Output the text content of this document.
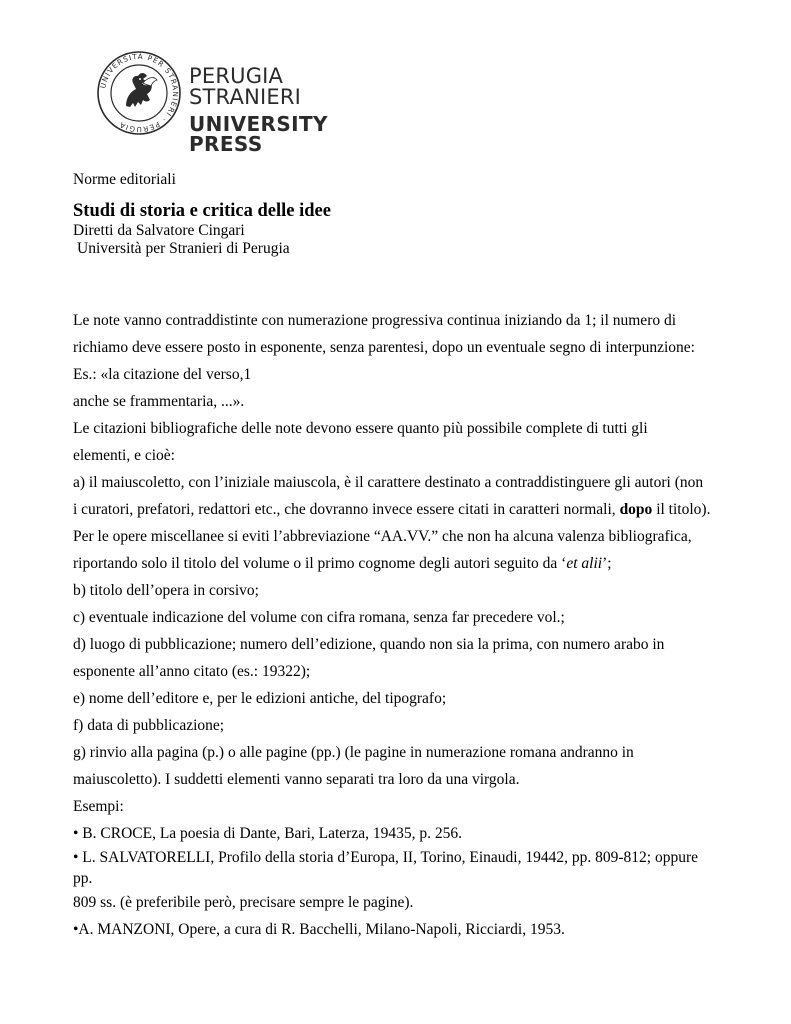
UNIVERSITÀ PER STRANIERI · PERUGIA
PERUGIA STRANIERI
UNIVERSITY PRESS
Norme editoriali
Studi di storia e critica delle idee
Diretti da Salvatore Cingari
Università per Stranieri di Perugia
Le note vanno contraddistinte con numerazione progressiva continua iniziando da 1; il numero di
richiamo deve essere posto in esponente, senza parentesi, dopo un eventuale segno di interpunzione:
Es.: «la citazione del verso,1
anche se frammentaria, ...».
Le citazioni bibliografiche delle note devono essere quanto più possibile complete di tutti gli
elementi, e cioè:
a) il maiuscoletto, con l’iniziale maiuscola, è il carattere destinato a contraddistinguere gli autori (non
i curatori, prefatori, redattori etc., che dovranno invece essere citati in caratteri normali, dopo il titolo).
Per le opere miscellanee si eviti l’abbreviazione “AA.VV.” che non ha alcuna valenza bibliografica,
riportando solo il titolo del volume o il primo cognome degli autori seguito da ‘et alii’;
b) titolo dell’opera in corsivo;
c) eventuale indicazione del volume con cifra romana, senza far precedere vol.;
d) luogo di pubblicazione; numero dell’edizione, quando non sia la prima, con numero arabo in
esponente all’anno citato (es.: 19322);
e) nome dell’editore e, per le edizioni antiche, del tipografo;
f) data di pubblicazione;
g) rinvio alla pagina (p.) o alle pagine (pp.) (le pagine in numerazione romana andranno in
maiuscoletto). I suddetti elementi vanno separati tra loro da una virgola.
Esempi:
• B. CROCE, La poesia di Dante, Bari, Laterza, 19435, p. 256.
• L. SALVATORELLI, Profilo della storia d’Europa, II, Torino, Einaudi, 19442, pp. 809-812; oppure
pp.
809 ss. (è preferibile però, precisare sempre le pagine).
•A. MANZONI, Opere, a cura di R. Bacchelli, Milano-Napoli, Ricciardi, 1953.
